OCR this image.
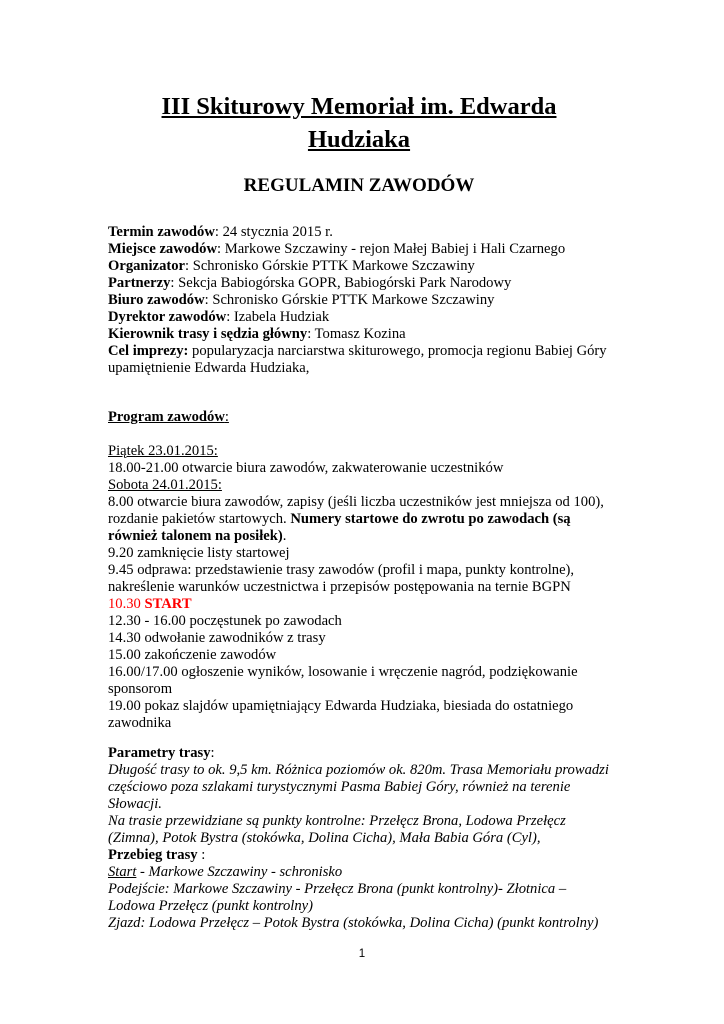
III Skiturowy Memoriał im. Edwarda
Hudziaka
REGULAMIN ZAWODÓW
Termin zawodów: 24 stycznia 2015 r.
Miejsce zawodów: Markowe Szczawiny - rejon Małej Babiej i Hali Czarnego
Organizator: Schronisko Górskie PTTK Markowe Szczawiny
Partnerzy: Sekcja Babiogórska GOPR, Babiogórski Park Narodowy
Biuro zawodów: Schronisko Górskie PTTK Markowe Szczawiny
Dyrektor zawodów: Izabela Hudziak
Kierownik trasy i sędzia główny: Tomasz Kozina
Cel imprezy: popularyzacja narciarstwa skiturowego, promocja regionu Babiej Góry
upamiętnienie Edwarda Hudziaka,
Program zawodów:
Piątek 23.01.2015:
18.00-21.00 otwarcie biura zawodów, zakwaterowanie uczestników
Sobota 24.01.2015:
8.00 otwarcie biura zawodów, zapisy (jeśli liczba uczestników jest mniejsza od 100),
rozdanie pakietów startowych. Numery startowe do zwrotu po zawodach (są
również talonem na posiłek).
9.20 zamknięcie listy startowej
9.45 odprawa: przedstawienie trasy zawodów (profil i mapa, punkty kontrolne),
nakreślenie warunków uczestnictwa i przepisów postępowania na ternie BGPN
10.30 START
12.30 - 16.00 poczęstunek po zawodach
14.30 odwołanie zawodników z trasy
15.00 zakończenie zawodów
16.00/17.00 ogłoszenie wyników, losowanie i wręczenie nagród, podziękowanie
sponsorom
19.00 pokaz slajdów upamiętniający Edwarda Hudziaka, biesiada do ostatniego
zawodnika
Parametry trasy:
Długość trasy to ok. 9,5 km. Różnica poziomów ok. 820m. Trasa Memoriału prowadzi
częściowo poza szlakami turystycznymi Pasma Babiej Góry, również na terenie
Słowacji.
Na trasie przewidziane są punkty kontrolne: Przełęcz Brona, Lodowa Przełęcz
(Zimna), Potok Bystra (stokówka, Dolina Cicha), Mała Babia Góra (Cyl),
Przebieg trasy :
Start - Markowe Szczawiny - schronisko
Podejście: Markowe Szczawiny - Przełęcz Brona (punkt kontrolny)- Złotnica –
Lodowa Przełęcz (punkt kontrolny)
Zjazd: Lodowa Przełęcz – Potok Bystra (stokówka, Dolina Cicha) (punkt kontrolny)
1
